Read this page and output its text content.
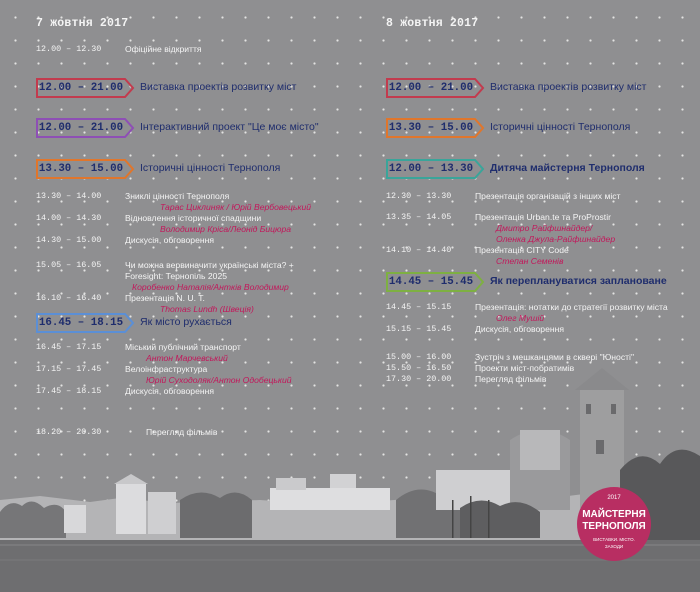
7 жовтня 2017
12.00 – 12.30	Офіційне відкриття
12.00 – 21.00 Виставка проектів розвитку міст
12.00 – 21.00 Інтерактивний проект "Це моє місто"
13.30 – 15.00 Історичні цінності Тернополя
13.30 – 14.00	Зниклі цінності Тернополя
Тарас Циклиняк / Юрій Вербовецький
14.00 – 14.30	Відновлення історичної спадщини
Володимир Кріса/Леонід Бицюра
14.30 – 15.00	Дискусія, обговорення
15.05 – 16.05	Чи можна вервиначити українські міста? +
Foresight: Тернопіль 2025
Коробенко Наталія/Антків Володимир
16.10 – 16.40	Презентація N. U. T.
Thomas Lundh (Швеція)
16.45 – 18.15 Як місто рухається
16.45 – 17.15	Міський публічний транспорт
Антон Марчевський
17.15 – 17.45	Велоінфраструктура
Юрій Суходоляк/Антон Одобецький
17.45 – 18.15	Дискусія, обговорення
18.20 – 20.30	Перегляд фільмів
8 жовтня 2017
12.00 – 21.00 Виставка проектів розвитку міст
13.30 – 15.00 Історичні цінності Тернополя
12.00 – 13.30 Дитяча майстерня Тернополя
12.30 – 13.30	Презентація організацій з інших міст
13.35 – 14.05	Презентація Urban.te та ProProstir
Дмитро Райфшнайдер/
Оленка Джула-Райфшнайдер
14.10 – 14.40	Презентація CITY Code
Степан Семенів
14.45 – 15.45 Як переплануватися заплановане
14.45 – 15.15	Презентація: нотатки до стратегії розвитку міста
Олег Мушій
15.15 – 15.45	Дискусія, обговорення
15.00 – 16.00	Зустріч з мешканцями в сквері "Юності"
15.50 – 16.50	Проекти міст-побратимів
17.30 – 20.00	Перегляд фільмів
2017
МАЙСТЕРНЯ
ТЕРНОПОЛЯ
ВИСТАВКИ. МІСТО.
ЗАХОДИ
